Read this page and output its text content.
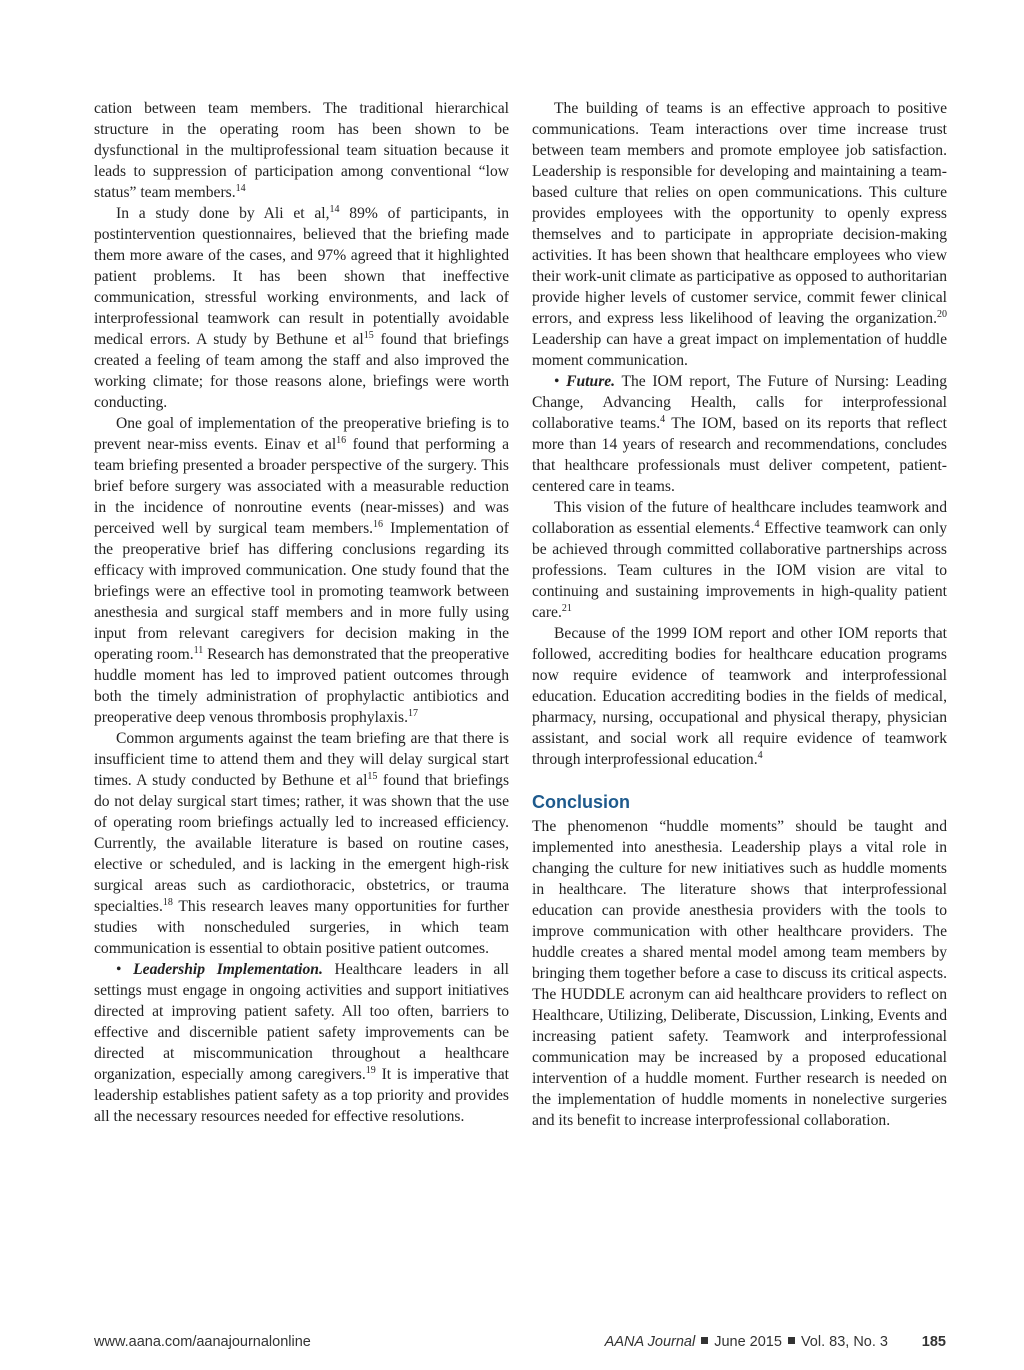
cation between team members. The traditional hierarchical structure in the operating room has been shown to be dysfunctional in the multiprofessional team situation because it leads to suppression of participation among conventional “low status” team members.$^{14}$

In a study done by Ali et al,$^{14}$ 89% of participants, in postintervention questionnaires, believed that the briefing made them more aware of the cases, and 97% agreed that it highlighted patient problems. It has been shown that ineffective communication, stressful working environments, and lack of interprofessional teamwork can result in potentially avoidable medical errors. A study by Bethune et $al^{15}$ found that briefings created a feeling of team among the staff and also improved the working climate; for those reasons alone, briefings were worth conducting.

One goal of implementation of the preoperative briefing is to prevent near-miss events. Einav et $al^{16}$ found that performing a team briefing presented a broader perspective of the surgery. This brief before surgery was associated with a measurable reduction in the incidence of nonroutine events (near-misses) and was perceived well by surgical team members.$^{16}$ Implementation of the preoperative brief has differing conclusions regarding its efficacy with improved communication. One study found that the briefings were an effective tool in promoting teamwork between anesthesia and surgical staff members and in more fully using input from relevant caregivers for decision making in the operating room.$^{11}$ Research has demonstrated that the preoperative huddle moment has led to improved patient outcomes through both the timely administration of prophylactic antibiotics and preoperative deep venous thrombosis prophylaxis.$^{17}$

Common arguments against the team briefing are that there is insufficient time to attend them and they will delay surgical start times. A study conducted by Bethune et $al^{15}$ found that briefings do not delay surgical start times; rather, it was shown that the use of operating room briefings actually led to increased efficiency. Currently, the available literature is based on routine cases, elective or scheduled, and is lacking in the emergent high-risk surgical areas such as cardiothoracic, obstetrics, or trauma specialties.$^{18}$ This research leaves many opportunities for further studies with nonscheduled surgeries, in which team communication is essential to obtain positive patient outcomes.

• Leadership Implementation. Healthcare leaders in all settings must engage in ongoing activities and support initiatives directed at improving patient safety. All too often, barriers to effective and discernible patient safety improvements can be directed at miscommunication throughout a healthcare organization, especially among caregivers.$^{19}$ It is imperative that leadership establishes patient safety as a top priority and provides all the necessary resources needed for effective resolutions.

The building of teams is an effective approach to positive communications. Team interactions over time increase trust between team members and promote employee job satisfaction. Leadership is responsible for developing and maintaining a team-based culture that relies on open communications. This culture provides employees with the opportunity to openly express themselves and to participate in appropriate decision-making activities. It has been shown that healthcare employees who view their work-unit climate as participative as opposed to authoritarian provide higher levels of customer service, commit fewer clinical errors, and express less likelihood of leaving the organization.$^{20}$ Leadership can have a great impact on implementation of huddle moment communication.

• Future. The IOM report, The Future of Nursing: Leading Change, Advancing Health, calls for interprofessional collaborative teams.$^4$ The IOM, based on its reports that reflect more than 14 years of research and recommendations, concludes that healthcare professionals must deliver competent, patient-centered care in teams.

This vision of the future of healthcare includes teamwork and collaboration as essential elements.$^4$ Effective teamwork can only be achieved through committed collaborative partnerships across professions. Team cultures in the IOM vision are vital to continuing and sustaining improvements in high-quality patient care.$^{21}$

Because of the 1999 IOM report and other IOM reports that followed, accrediting bodies for healthcare education programs now require evidence of teamwork and interprofessional education. Education accrediting bodies in the fields of medical, pharmacy, nursing, occupational and physical therapy, physician assistant, and social work all require evidence of teamwork through interprofessional education.$^4$

Conclusion

The phenomenon “huddle moments” should be taught and implemented into anesthesia. Leadership plays a vital role in changing the culture for new initiatives such as huddle moments in healthcare. The literature shows that interprofessional education can provide anesthesia providers with the tools to improve communication with other healthcare providers. The huddle creates a shared mental model among team members by bringing them together before a case to discuss its critical aspects. The HUDDLE acronym can aid healthcare providers to reflect on Healthcare, Utilizing, Deliberate, Discussion, Linking, Events and increasing patient safety. Teamwork and interprofessional communication may be increased by a proposed educational intervention of a huddle moment. Further research is needed on the implementation of huddle moments in nonelective surgeries and its benefit to increase interprofessional collaboration.

www.aana.com/aanajournalonline	AANA Journal June 2015 Vol. 83, No. 3 185
